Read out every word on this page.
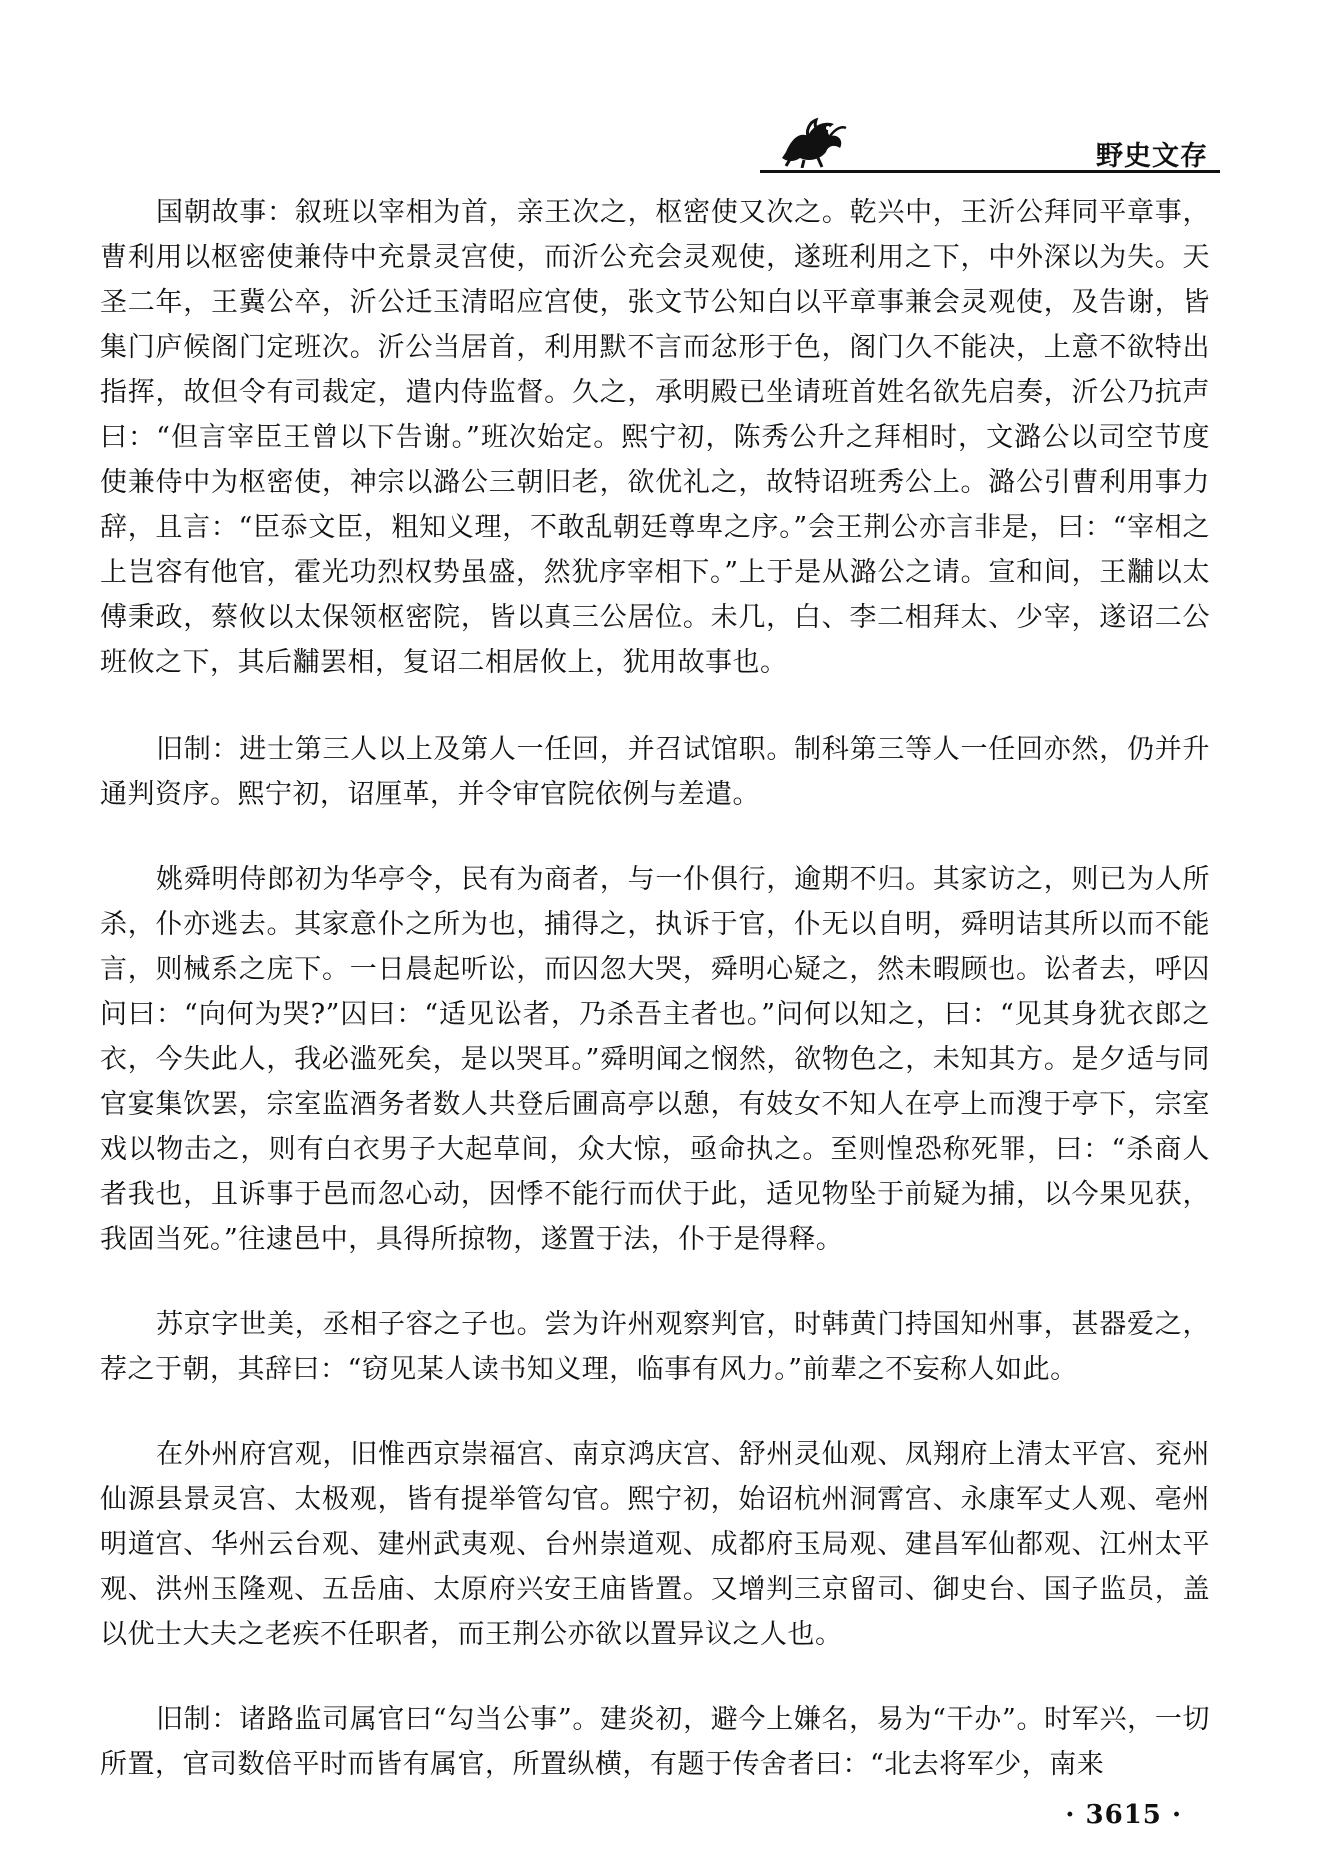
野史文存

国朝故事：叙班以宰相为首，亲王次之，枢密使又次之。乾兴中，王沂公拜同平章事，曹利用以枢密使兼侍中充景灵宫使，而沂公充会灵观使，遂班利用之下，中外深以为失。天圣二年，王冀公卒，沂公迁玉清昭应宫使，张文节公知白以平章事兼会灵观使，及告谢，皆集门庐候阁门定班次。沂公当居首，利用默不言而忿形于色，阁门久不能决，上意不欲特出指挥，故但令有司裁定，遣内侍监督。久之，承明殿已坐请班首姓名欲先启奏，沂公乃抗声曰：“但言宰臣王曾以下告谢。”班次始定。熙宁初，陈秀公升之拜相时，文潞公以司空节度使兼侍中为枢密使，神宗以潞公三朝旧老，欲优礼之，故特诏班秀公上。潞公引曹利用事力辞，且言：“臣忝文臣，粗知义理，不敢乱朝廷尊卑之序。”会王荆公亦言非是，曰：“宰相之上岂容有他官，霍光功烈权势虽盛，然犹序宰相下。”上于是从潞公之请。宣和间，王黼以太傅秉政，蔡攸以太保领枢密院，皆以真三公居位。未几，白、李二相拜太、少宰，遂诏二公班攸之下，其后黼罢相，复诏二相居攸上，犹用故事也。

旧制：进士第三人以上及第人一任回，并召试馆职。制科第三等人一任回亦然，仍并升通判资序。熙宁初，诏厘革，并令审官院依例与差遣。

姚舜明侍郎初为华亭令，民有为商者，与一仆俱行，逾期不归。其家访之，则已为人所杀，仆亦逃去。其家意仆之所为也，捕得之，执诉于官，仆无以自明，舜明诘其所以而不能言，则械系之庑下。一日晨起听讼，而囚忽大哭，舜明心疑之，然未暇顾也。讼者去，呼囚问曰：“向何为哭?”囚曰：“适见讼者，乃杀吾主者也。”问何以知之，曰：“见其身犹衣郎之衣，今失此人，我必滥死矣，是以哭耳。”舜明闻之悯然，欲物色之，未知其方。是夕适与同官宴集饮罢，宗室监酒务者数人共登后圃高亭以憩，有妓女不知人在亭上而溲于亭下，宗室戏以物击之，则有白衣男子大起草间，众大惊，亟命执之。至则惶恐称死罪，曰：“杀商人者我也，且诉事于邑而忽心动，因悸不能行而伏于此，适见物坠于前疑为捕，以今果见获，我固当死。”往逮邑中，具得所掠物，遂置于法，仆于是得释。

苏京字世美，丞相子容之子也。尝为许州观察判官，时韩黄门持国知州事，甚器爱之，荐之于朝，其辞曰：“窃见某人读书知义理，临事有风力。”前辈之不妄称人如此。

在外州府宫观，旧惟西京崇福宫、南京鸿庆宫、舒州灵仙观、凤翔府上清太平宫、兖州仙源县景灵宫、太极观，皆有提举管勾官。熙宁初，始诏杭州洞霄宫、永康军丈人观、亳州明道宫、华州云台观、建州武夷观、台州崇道观、成都府玉局观、建昌军仙都观、江州太平观、洪州玉隆观、五岳庙、太原府兴安王庙皆置。又增判三京留司、御史台、国子监员，盖以优士大夫之老疾不任职者，而王荆公亦欲以置异议之人也。

旧制：诸路监司属官曰“勾当公事”。建炎初，避今上嫌名，易为“干办”。时军兴，一切所置，官司数倍平时而皆有属官，所置纵横，有题于传舍者曰：“北去将军少，南来

· 3615 ·
